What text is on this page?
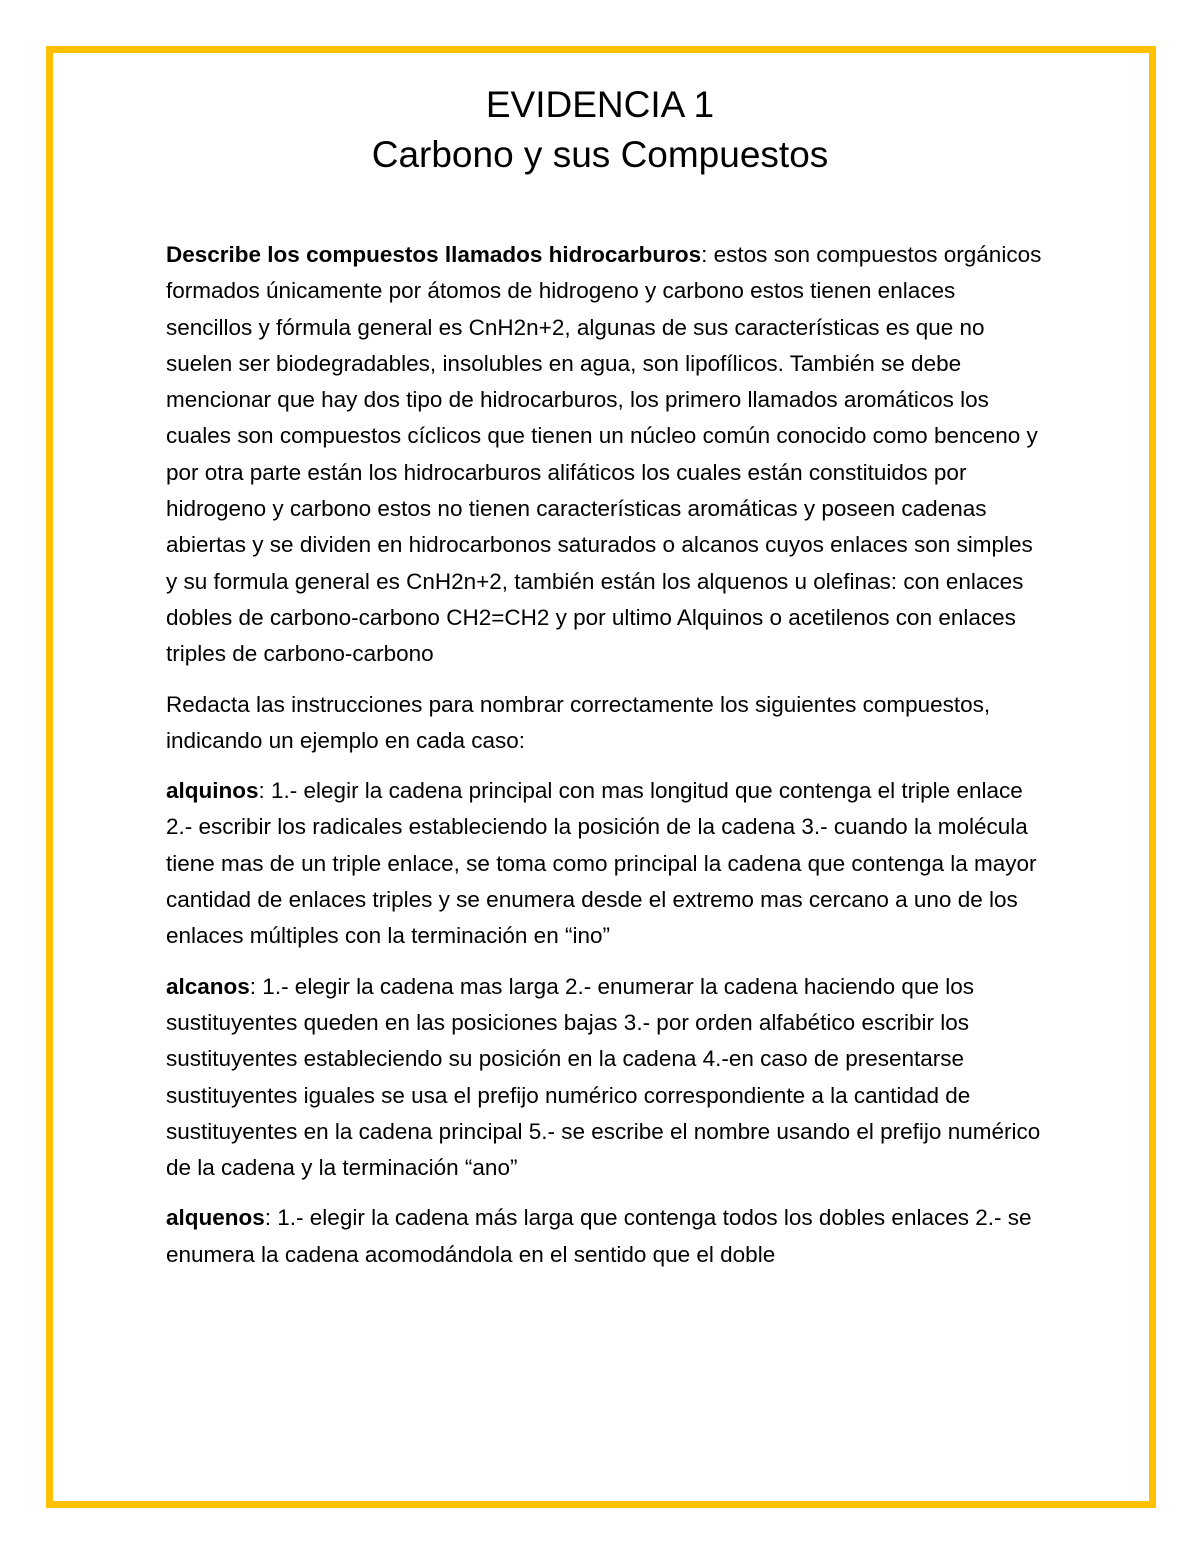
EVIDENCIA 1
Carbono y sus Compuestos

Describe los compuestos llamados hidrocarburos: estos son compuestos orgánicos formados únicamente por átomos de hidrogeno y carbono estos tienen enlaces sencillos y fórmula general es CnH2n+2, algunas de sus características es que no suelen ser biodegradables, insolubles en agua, son lipofílicos. También se debe mencionar que hay dos tipo de hidrocarburos, los primero llamados aromáticos los cuales son compuestos cíclicos que tienen un núcleo común conocido como benceno y por otra parte están los hidrocarburos alifáticos los cuales están constituidos por hidrogeno y carbono estos no tienen características aromáticas y poseen cadenas abiertas y se dividen en hidrocarbonos saturados o alcanos cuyos enlaces son simples y su formula general es CnH2n+2, también están los alquenos u olefinas: con enlaces dobles de carbono-carbono CH2=CH2 y por ultimo Alquinos o acetilenos con enlaces triples de carbono-carbono

Redacta las instrucciones para nombrar correctamente los siguientes compuestos, indicando un ejemplo en cada caso:

alquinos: 1.- elegir la cadena principal con mas longitud que contenga el triple enlace 2.- escribir los radicales estableciendo la posición de la cadena 3.- cuando la molécula tiene mas de un triple enlace, se toma como principal la cadena que contenga la mayor cantidad de enlaces triples y se enumera desde el extremo mas cercano a uno de los enlaces múltiples con la terminación en “ino”

alcanos: 1.- elegir la cadena mas larga 2.- enumerar la cadena haciendo que los sustituyentes queden en las posiciones bajas 3.- por orden alfabético escribir los sustituyentes estableciendo su posición en la cadena 4.-en caso de presentarse sustituyentes iguales se usa el prefijo numérico correspondiente a la cantidad de sustituyentes en la cadena principal 5.- se escribe el nombre usando el prefijo numérico de la cadena y la terminación “ano”

alquenos: 1.- elegir la cadena más larga que contenga todos los dobles enlaces 2.- se enumera la cadena acomodándola en el sentido que el doble
